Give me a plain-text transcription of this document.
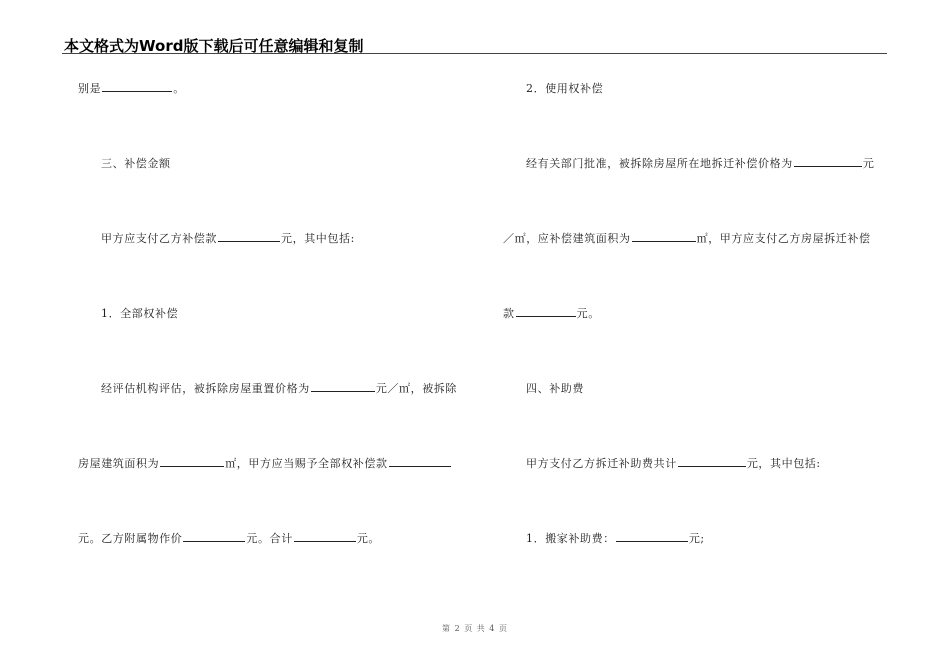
本文格式为Word版下载后可任意编辑和复制
别是	。
三、补偿金额
甲方应支付乙方补偿款	元，其中包括:
1．全部权补偿
经评估机构评估，被拆除房屋重置价格为	元／㎡，被拆除
房屋建筑面积为	㎡，甲方应当赐予全部权补偿款
元。乙方附属物作价	元。合计	元。
2．使用权补偿
经有关部门批准，被拆除房屋所在地拆迁补偿价格为	元
／㎡，应补偿建筑面积为	㎡，甲方应支付乙方房屋拆迁补偿
款	元。
四、补助费
甲方支付乙方拆迁补助费共计	元，其中包括:
1．搬家补助费：	元;
第 2 页 共 4 页
